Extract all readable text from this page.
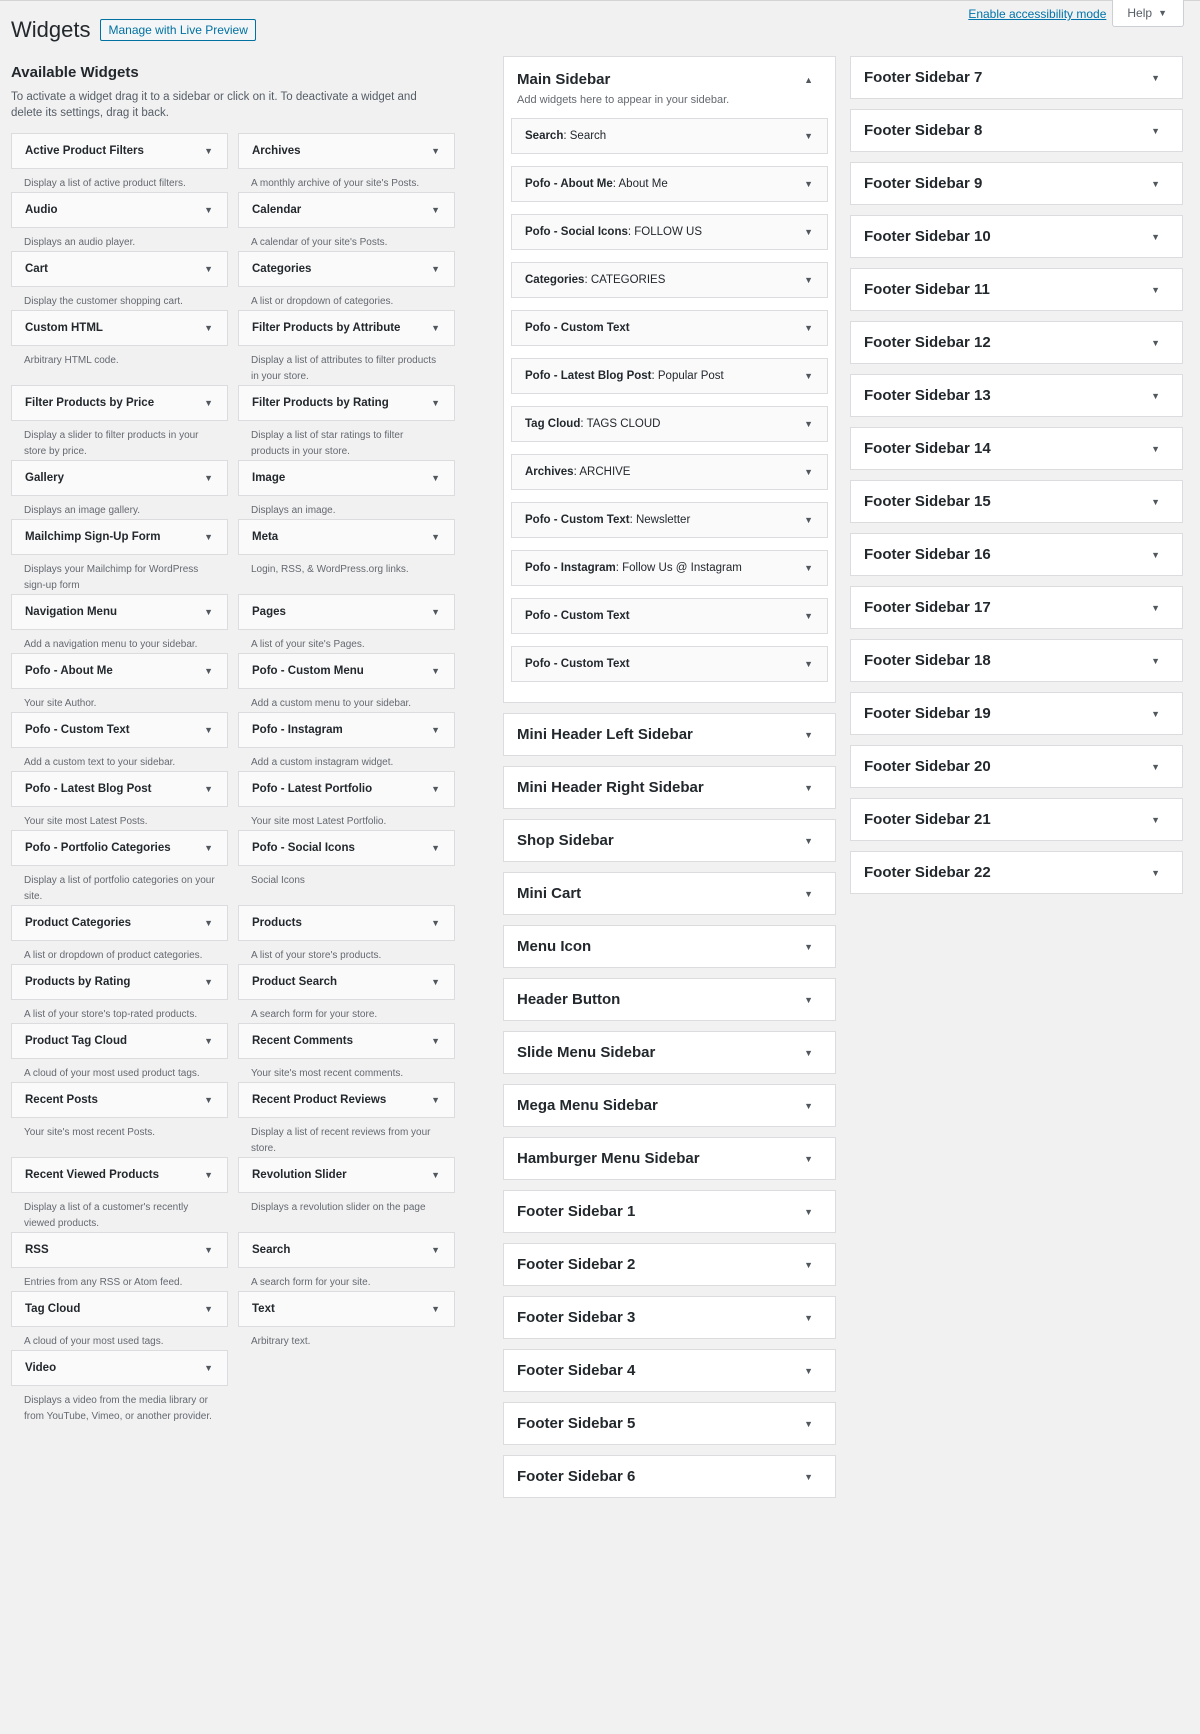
Enable accessibility mode	Help ▼
Widgets	Manage with Live Preview
Available Widgets

To activate a widget drag it to a sidebar or click on it. To deactivate a widget and delete its settings, drag it back.

Active Product Filters	▼
Display a list of active product filters.
Archives	▼
A monthly archive of your site's Posts.
Audio	▼
Displays an audio player.
Calendar	▼
A calendar of your site's Posts.
Cart	▼
Display the customer shopping cart.
Categories	▼
A list or dropdown of categories.
Custom HTML	▼
Arbitrary HTML code.
Filter Products by Attribute	▼
Display a list of attributes to filter products in your store.
Filter Products by Price	▼
Display a slider to filter products in your store by price.
Filter Products by Rating	▼
Display a list of star ratings to filter products in your store.
Gallery	▼
Displays an image gallery.
Image	▼
Displays an image.
Mailchimp Sign-Up Form	▼
Displays your Mailchimp for WordPress sign-up form
Meta	▼
Login, RSS, & WordPress.org links.
Navigation Menu	▼
Add a navigation menu to your sidebar.
Pages	▼
A list of your site's Pages.
Pofo - About Me	▼
Your site Author.
Pofo - Custom Menu	▼
Add a custom menu to your sidebar.
Pofo - Custom Text	▼
Add a custom text to your sidebar.
Pofo - Instagram	▼
Add a custom instagram widget.
Pofo - Latest Blog Post	▼
Your site most Latest Posts.
Pofo - Latest Portfolio	▼
Your site most Latest Portfolio.
Pofo - Portfolio Categories	▼
Display a list of portfolio categories on your site.
Pofo - Social Icons	▼
Social Icons
Product Categories	▼
A list or dropdown of product categories.
Products	▼
A list of your store's products.
Products by Rating	▼
A list of your store's top-rated products.
Product Search	▼
A search form for your store.
Product Tag Cloud	▼
A cloud of your most used product tags.
Recent Comments	▼
Your site's most recent comments.
Recent Posts	▼
Your site's most recent Posts.
Recent Product Reviews	▼
Display a list of recent reviews from your store.
Recent Viewed Products	▼
Display a list of a customer's recently viewed products.
Revolution Slider	▼
Displays a revolution slider on the page
RSS	▼
Entries from any RSS or Atom feed.
Search	▼
A search form for your site.
Tag Cloud	▼
A cloud of your most used tags.
Text	▼
Arbitrary text.
Video	▼
Displays a video from the media library or from YouTube, Vimeo, or another provider.
Main Sidebar	▲
Add widgets here to appear in your sidebar.
Search: Search	▼
Pofo - About Me: About Me	▼
Pofo - Social Icons: FOLLOW US	▼
Categories: CATEGORIES	▼
Pofo - Custom Text	▼
Pofo - Latest Blog Post: Popular Post	▼
Tag Cloud: TAGS CLOUD	▼
Archives: ARCHIVE	▼
Pofo - Custom Text: Newsletter	▼
Pofo - Instagram: Follow Us @ Instagram	▼
Pofo - Custom Text	▼
Pofo - Custom Text	▼
Mini Header Left Sidebar	▼
Mini Header Right Sidebar	▼
Shop Sidebar	▼
Mini Cart	▼
Menu Icon	▼
Header Button	▼
Slide Menu Sidebar	▼
Mega Menu Sidebar	▼
Hamburger Menu Sidebar	▼
Footer Sidebar 1	▼
Footer Sidebar 2	▼
Footer Sidebar 3	▼
Footer Sidebar 4	▼
Footer Sidebar 5	▼
Footer Sidebar 6	▼
Footer Sidebar 7	▼
Footer Sidebar 8	▼
Footer Sidebar 9	▼
Footer Sidebar 10	▼
Footer Sidebar 11	▼
Footer Sidebar 12	▼
Footer Sidebar 13	▼
Footer Sidebar 14	▼
Footer Sidebar 15	▼
Footer Sidebar 16	▼
Footer Sidebar 17	▼
Footer Sidebar 18	▼
Footer Sidebar 19	▼
Footer Sidebar 20	▼
Footer Sidebar 21	▼
Footer Sidebar 22	▼
